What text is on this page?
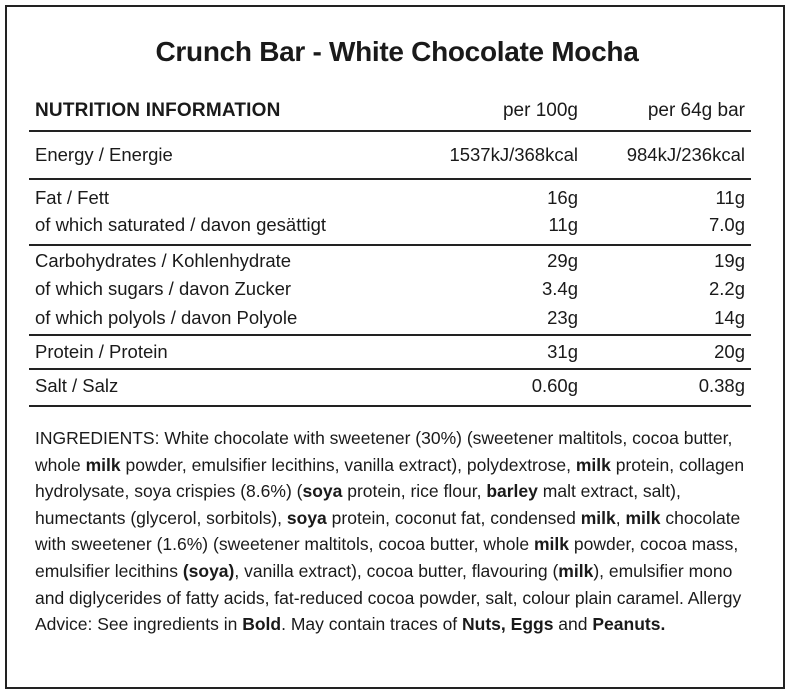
Crunch Bar - White Chocolate Mocha
NUTRITION INFORMATION	per 100g	per 64g bar
Energy / Energie	1537kJ/368kcal	984kJ/236kcal
Fat / Fett	16g	11g
of which saturated / davon gesättigt	11g	7.0g
Carbohydrates / Kohlenhydrate	29g	19g
of which sugars / davon Zucker	3.4g	2.2g
of which polyols / davon Polyole	23g	14g
Protein / Protein	31g	20g
Salt / Salz	0.60g	0.38g
INGREDIENTS: White chocolate with sweetener (30%) (sweetener maltitols, cocoa butter, whole milk powder, emulsifier lecithins, vanilla extract), polydextrose, milk protein, collagen hydrolysate, soya crispies (8.6%) (soya protein, rice flour, barley malt extract, salt), humectants (glycerol, sorbitols), soya protein, coconut fat, condensed milk, milk chocolate with sweetener (1.6%) (sweetener maltitols, cocoa butter, whole milk powder, cocoa mass, emulsifier lecithins (soya), vanilla extract), cocoa butter, flavouring (milk), emulsifier mono and diglycerides of fatty acids, fat-reduced cocoa powder, salt, colour plain caramel. Allergy Advice: See ingredients in Bold. May contain traces of Nuts, Eggs and Peanuts.
